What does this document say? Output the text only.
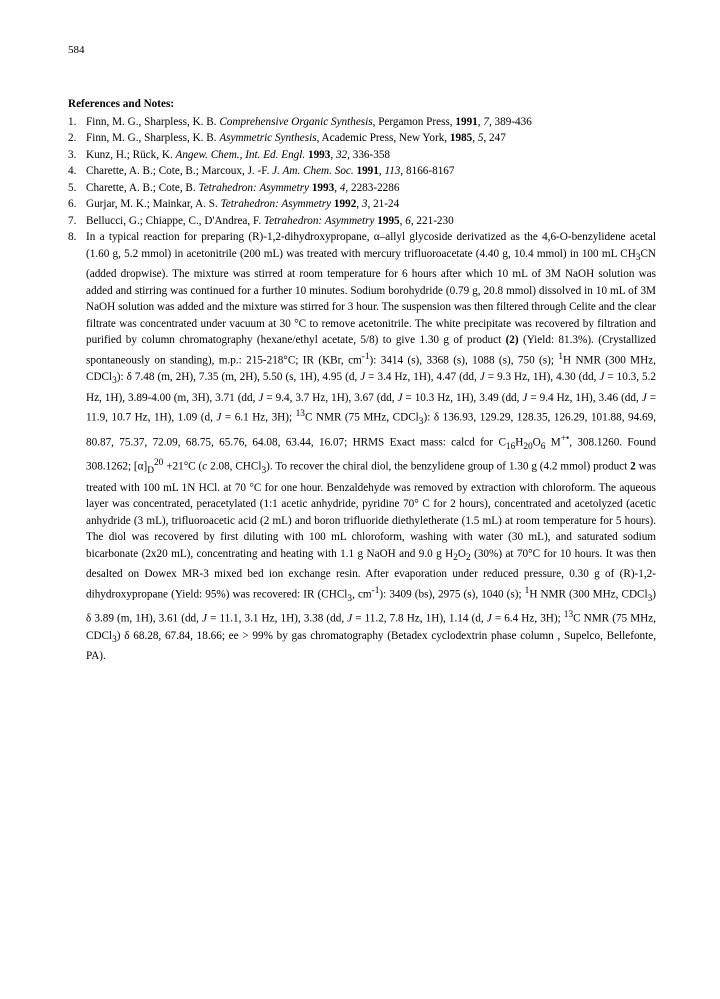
584
References and Notes:
1. Finn, M. G., Sharpless, K. B. Comprehensive Organic Synthesis, Pergamon Press, 1991, 7, 389-436
2. Finn, M. G., Sharpless, K. B. Asymmetric Synthesis, Academic Press, New York, 1985, 5, 247
3. Kunz, H.; Rück, K. Angew. Chem., Int. Ed. Engl. 1993, 32, 336-358
4. Charette, A. B.; Cote, B.; Marcoux, J. -F. J. Am. Chem. Soc. 1991, 113, 8166-8167
5. Charette, A. B.; Cote, B. Tetrahedron: Asymmetry 1993, 4, 2283-2286
6. Gurjar, M. K.; Mainkar, A. S. Tetrahedron: Asymmetry 1992, 3, 21-24
7. Bellucci, G.; Chiappe, C., D'Andrea, F. Tetrahedron: Asymmetry 1995, 6, 221-230
8. In a typical reaction for preparing (R)-1,2-dihydroxypropane, α–allyl glycoside derivatized as the 4,6-O-benzylidene acetal (1.60 g, 5.2 mmol) in acetonitrile (200 mL) was treated with mercury trifluoroacetate (4.40 g, 10.4 mmol) in 100 mL $CH_3CN$ (added dropwise). The mixture was stirred at room temperature for 6 hours after which 10 mL of 3M NaOH solution was added and stirring was continued for a further 10 minutes. Sodium borohydride (0.79 g, 20.8 mmol) dissolved in 10 mL of 3M NaOH solution was added and the mixture was stirred for 3 hour. The suspension was then filtered through Celite and the clear filtrate was concentrated under vacuum at 30 °C to remove acetonitrile. The white precipitate was recovered by filtration and purified by column chromatography (hexane/ethyl acetate, 5/8) to give 1.30 g of product (2) (Yield: 81.3%). (Crystallized spontaneously on standing), m.p.: 215-218°C; IR (KBr, $cm^{-1}$): 3414 (s), 3368 (s), 1088 (s), 750 (s); $^1$H NMR (300 MHz, CDCl$_3$): δ 7.48 (m, 2H), 7.35 (m, 2H), 5.50 (s, 1H), 4.95 (d, J = 3.4 Hz, 1H), 4.47 (dd, J = 9.3 Hz, 1H), 4.30 (dd, J = 10.3, 5.2 Hz, 1H), 3.89-4.00 (m, 3H), 3.71 (dd, J = 9.4, 3.7 Hz, 1H), 3.67 (dd, J = 10.3 Hz, 1H), 3.49 (dd, J = 9.4 Hz, 1H), 3.46 (dd, J = 11.9, 10.7 Hz, 1H), 1.09 (d, J = 6.1 Hz, 3H); $^{13}$C NMR (75 MHz, CDCl$_3$): δ 136.93, 129.29, 128.35, 126.29, 101.88, 94.69, 80.87, 75.37, 72.09, 68.75, 65.76, 64.08, 63.44, 16.07; HRMS Exact mass: calcd for $C_{16}H_{20}O_6$ M+•, 308.1260. Found 308.1262; $[\alpha]_D^{20} +21^\circ C$ (c 2.08, CHCl$_3$). To recover the chiral diol, the benzylidene group of 1.30 g (4.2 mmol) product 2 was treated with 100 mL 1N HCl. at 70 °C for one hour. Benzaldehyde was removed by extraction with chloroform. The aqueous layer was concentrated, peracetylated (1:1 acetic anhydride, pyridine 70° C for 2 hours), concentrated and acetolyzed (acetic anhydride (3 mL), trifluoroacetic acid (2 mL) and boron trifluoride diethyletherate (1.5 mL) at room temperature for 5 hours). The diol was recovered by first diluting with 100 mL chloroform, washing with water (30 mL), and saturated sodium bicarbonate (2x20 mL), concentrating and heating with 1.1 g NaOH and 9.0 g $H_2O_2$ (30%) at 70°C for 10 hours. It was then desalted on Dowex MR-3 mixed bed ion exchange resin. After evaporation under reduced pressure, 0.30 g of (R)-1,2-dihydroxypropane (Yield: 95%) was recovered: IR (CHCl$_3$, $cm^{-1}$): 3409 (bs), 2975 (s), 1040 (s); $^1$H NMR (300 MHz, CDCl$_3$) δ 3.89 (m, 1H), 3.61 (dd, J = 11.1, 3.1 Hz, 1H), 3.38 (dd, J = 11.2, 7.8 Hz, 1H), 1.14 (d, J = 6.4 Hz, 3H); $^{13}$C NMR (75 MHz, CDCl$_3$) δ 68.28, 67.84, 18.66; ee > 99% by gas chromatography (Betadex cyclodextrin phase column , Supelco, Bellefonte, PA).
